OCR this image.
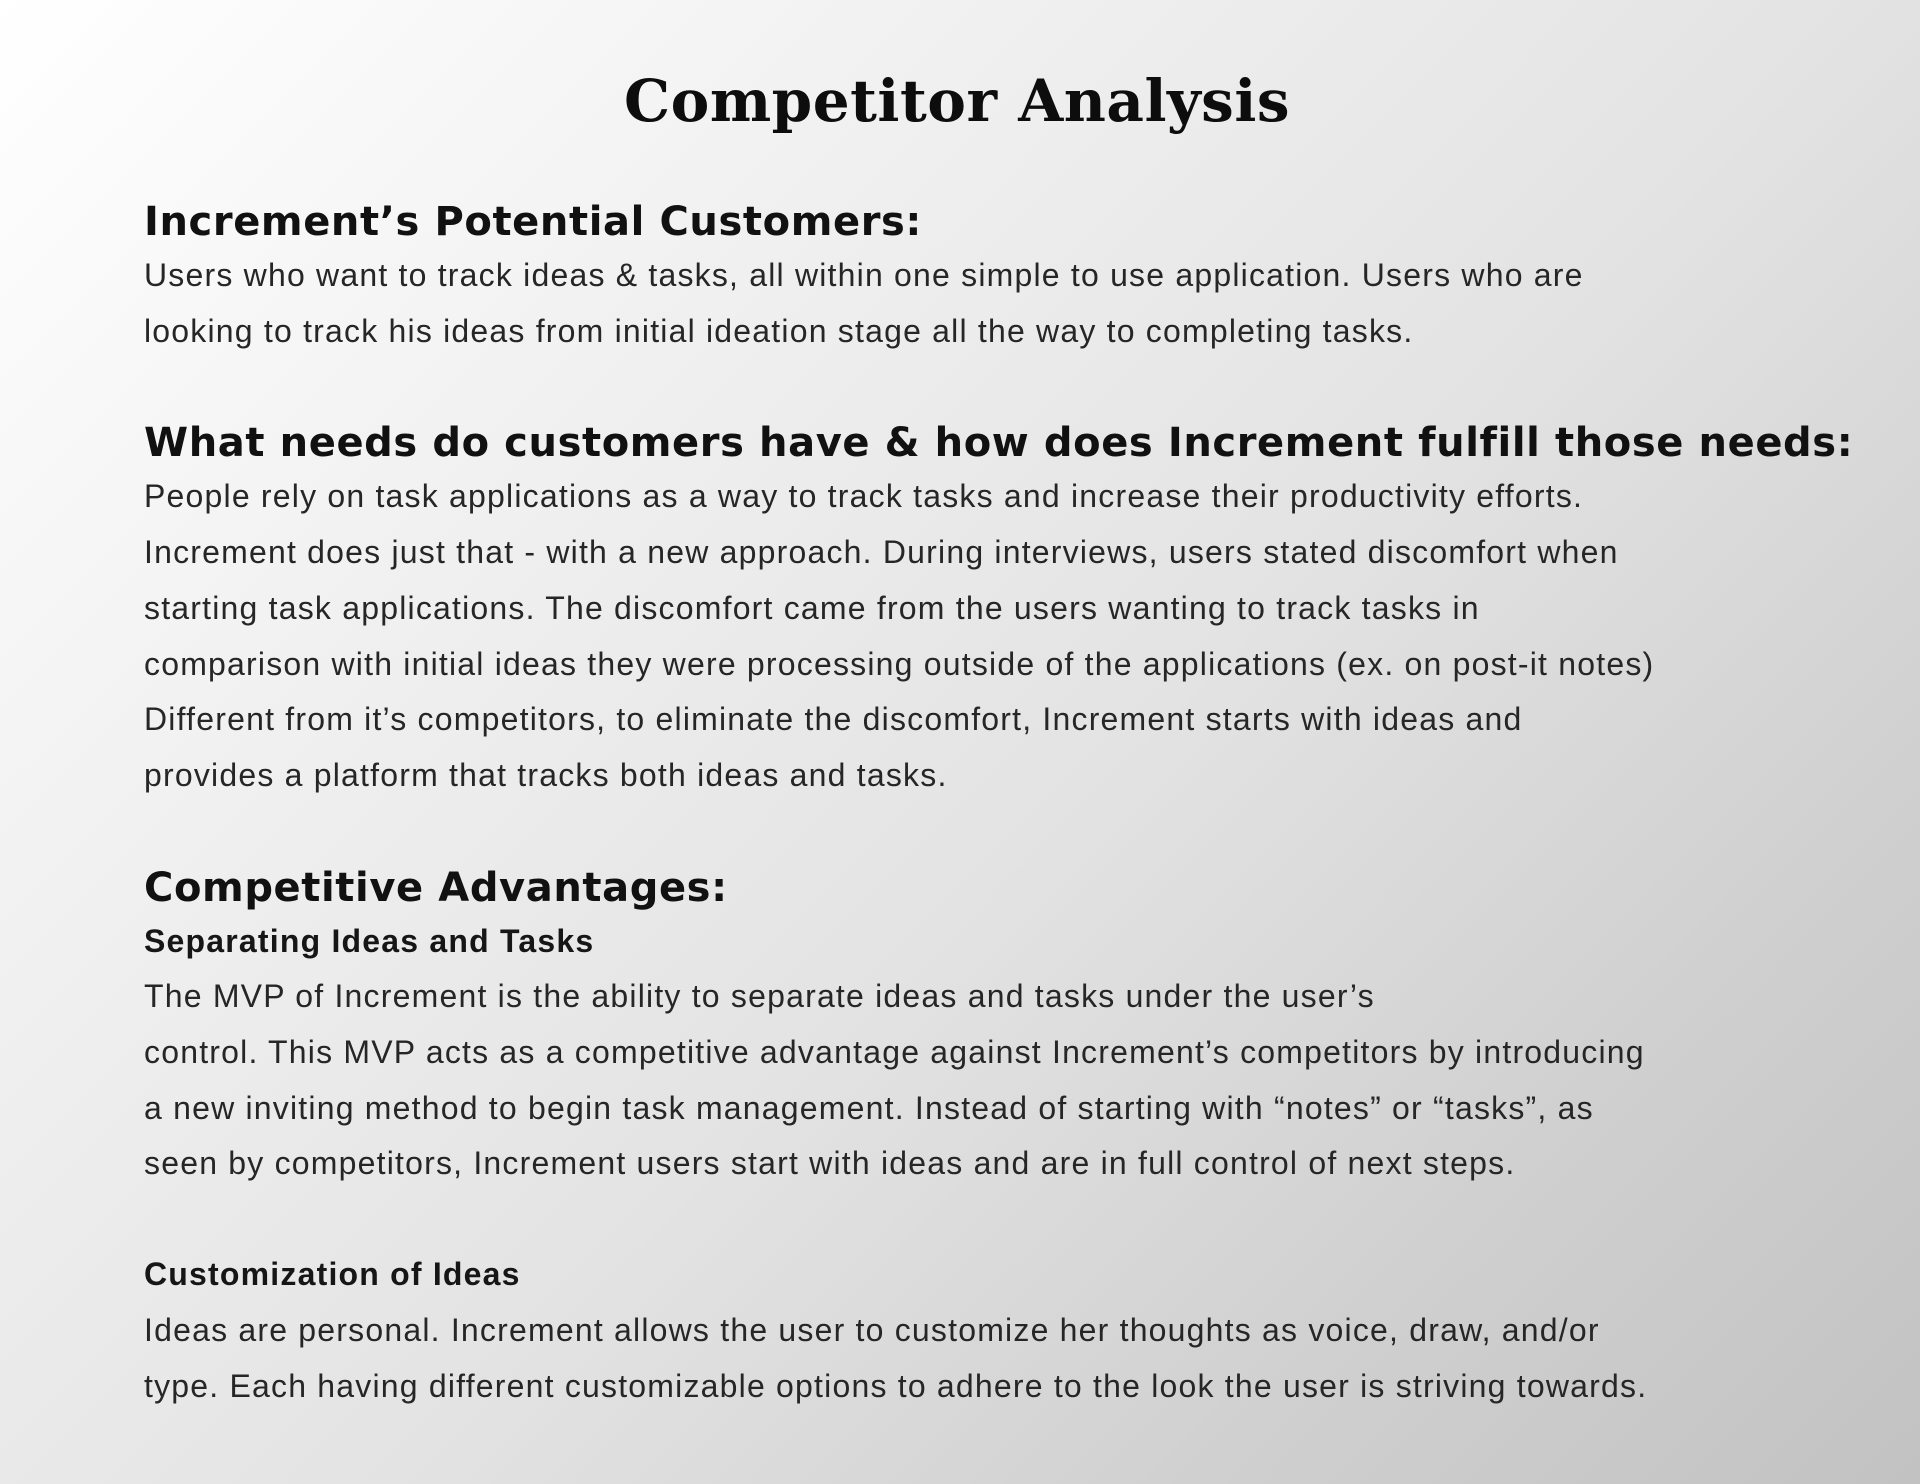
Competitor Analysis
Increment’s Potential Customers:

Users who want to track ideas & tasks, all within one simple to use application. Users who are
looking to track his ideas from initial ideation stage all the way to completing tasks.

What needs do customers have & how does Increment fulfill those needs:

People rely on task applications as a way to track tasks and increase their productivity efforts.
Increment does just that - with a new approach. During interviews, users stated discomfort when
starting task applications. The discomfort came from the users wanting to track tasks in
comparison with initial ideas they were processing outside of the applications (ex. on post-it notes)
Different from it’s competitors, to eliminate the discomfort, Increment starts with ideas and
provides a platform that tracks both ideas and tasks.

Competitive Advantages:
Separating Ideas and Tasks

The MVP of Increment is the ability to separate ideas and tasks under the user’s
control. This MVP acts as a competitive advantage against Increment’s competitors by introducing
a new inviting method to begin task management. Instead of starting with “notes” or “tasks”, as
seen by competitors, Increment users start with ideas and are in full control of next steps.

Customization of Ideas

Ideas are personal. Increment allows the user to customize her thoughts as voice, draw, and/or
type. Each having different customizable options to adhere to the look the user is striving towards.
